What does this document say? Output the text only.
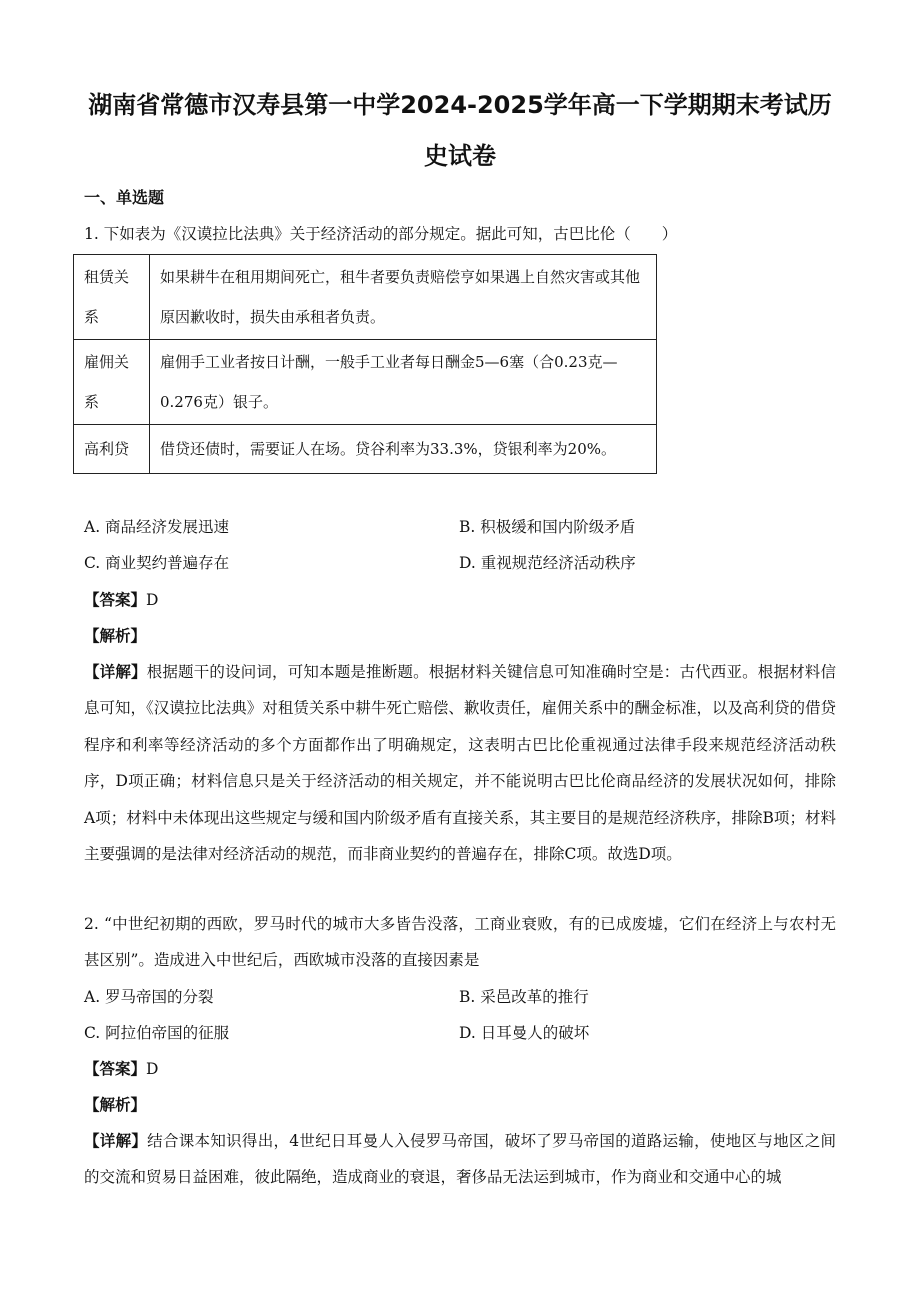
湖南省常德市汉寿县第一中学2024-2025学年高一下学期期末考试历
史试卷
一、单选题
1. 下如表为《汉谟拉比法典》关于经济活动的部分规定。据此可知，古巴比伦（　　）
租赁关系	如果耕牛在租用期间死亡，租牛者要负责赔偿亨如果遇上自然灾害或其他原因歉收时，损失由承租者负责。
雇佣关系	雇佣手工业者按日计酬，一般手工业者每日酬金5—6塞（合0.23克—0.276克）银子。
高利贷	借贷还债时，需要证人在场。贷谷利率为33.3%，贷银利率为20%。
A. 商品经济发展迅速	B. 积极缓和国内阶级矛盾
C. 商业契约普遍存在	D. 重视规范经济活动秩序
【答案】D
【解析】
【详解】根据题干的设问词，可知本题是推断题。根据材料关键信息可知准确时空是：古代西亚。根据材料信息可知，《汉谟拉比法典》对租赁关系中耕牛死亡赔偿、歉收责任，雇佣关系中的酬金标准，以及高利贷的借贷程序和利率等经济活动的多个方面都作出了明确规定，这表明古巴比伦重视通过法律手段来规范经济活动秩序，D项正确；材料信息只是关于经济活动的相关规定，并不能说明古巴比伦商品经济的发展状况如何，排除A项；材料中未体现出这些规定与缓和国内阶级矛盾有直接关系，其主要目的是规范经济秩序，排除B项；材料主要强调的是法律对经济活动的规范，而非商业契约的普遍存在，排除C项。故选D项。
2. “中世纪初期的西欧，罗马时代的城市大多皆告没落，工商业衰败，有的已成废墟，它们在经济上与农村无甚区别”。造成进入中世纪后，西欧城市没落的直接因素是
A. 罗马帝国的分裂	B. 采邑改革的推行
C. 阿拉伯帝国的征服	D. 日耳曼人的破坏
【答案】D
【解析】
【详解】结合课本知识得出，4世纪日耳曼人入侵罗马帝国，破坏了罗马帝国的道路运输，使地区与地区之间的交流和贸易日益困难，彼此隔绝，造成商业的衰退，奢侈品无法运到城市，作为商业和交通中心的城
